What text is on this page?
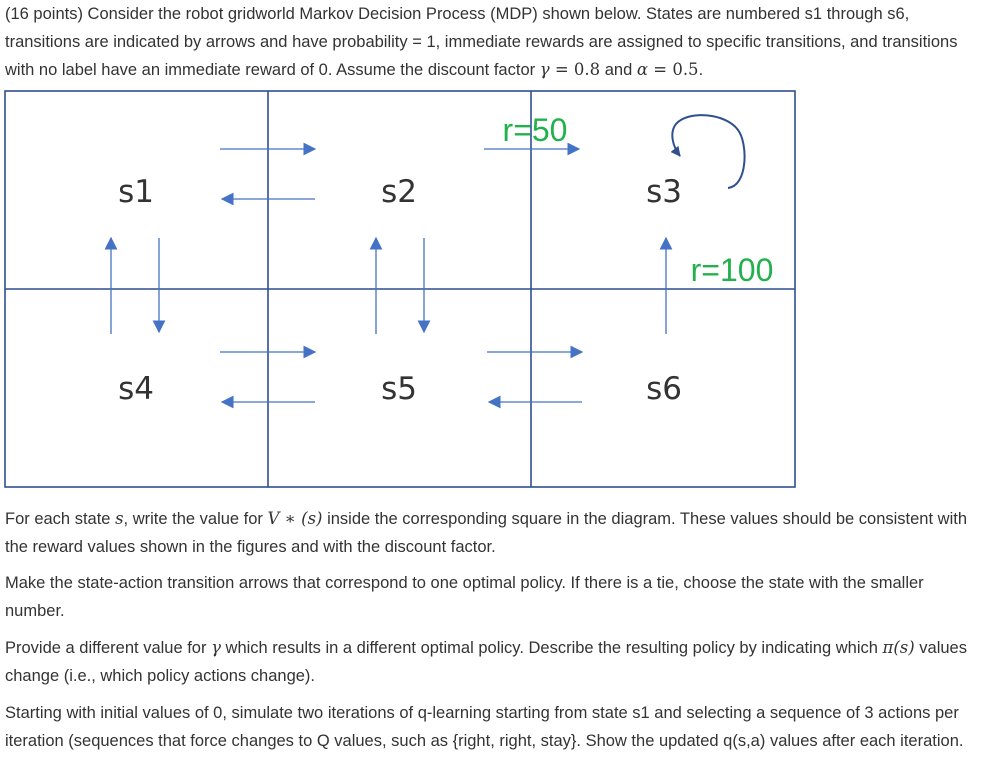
(16 points) Consider the robot gridworld Markov Decision Process (MDP) shown below. States are numbered s1 through s6, transitions are indicated by arrows and have probability = 1, immediate rewards are assigned to specific transitions, and transitions with no label have an immediate reward of 0. Assume the discount factor γ = 0.8 and α = 0.5.

s1	s2	s3
s4	s5	s6
r=50
r=100

For each state s, write the value for V ∗ (s) inside the corresponding square in the diagram. These values should be consistent with the reward values shown in the figures and with the discount factor.

Make the state-action transition arrows that correspond to one optimal policy. If there is a tie, choose the state with the smaller number.

Provide a different value for γ which results in a different optimal policy. Describe the resulting policy by indicating which π(s) values change (i.e., which policy actions change).

Starting with initial values of 0, simulate two iterations of q-learning starting from state s1 and selecting a sequence of 3 actions per iteration (sequences that force changes to Q values, such as {right, right, stay}. Show the updated q(s,a) values after each iteration.
